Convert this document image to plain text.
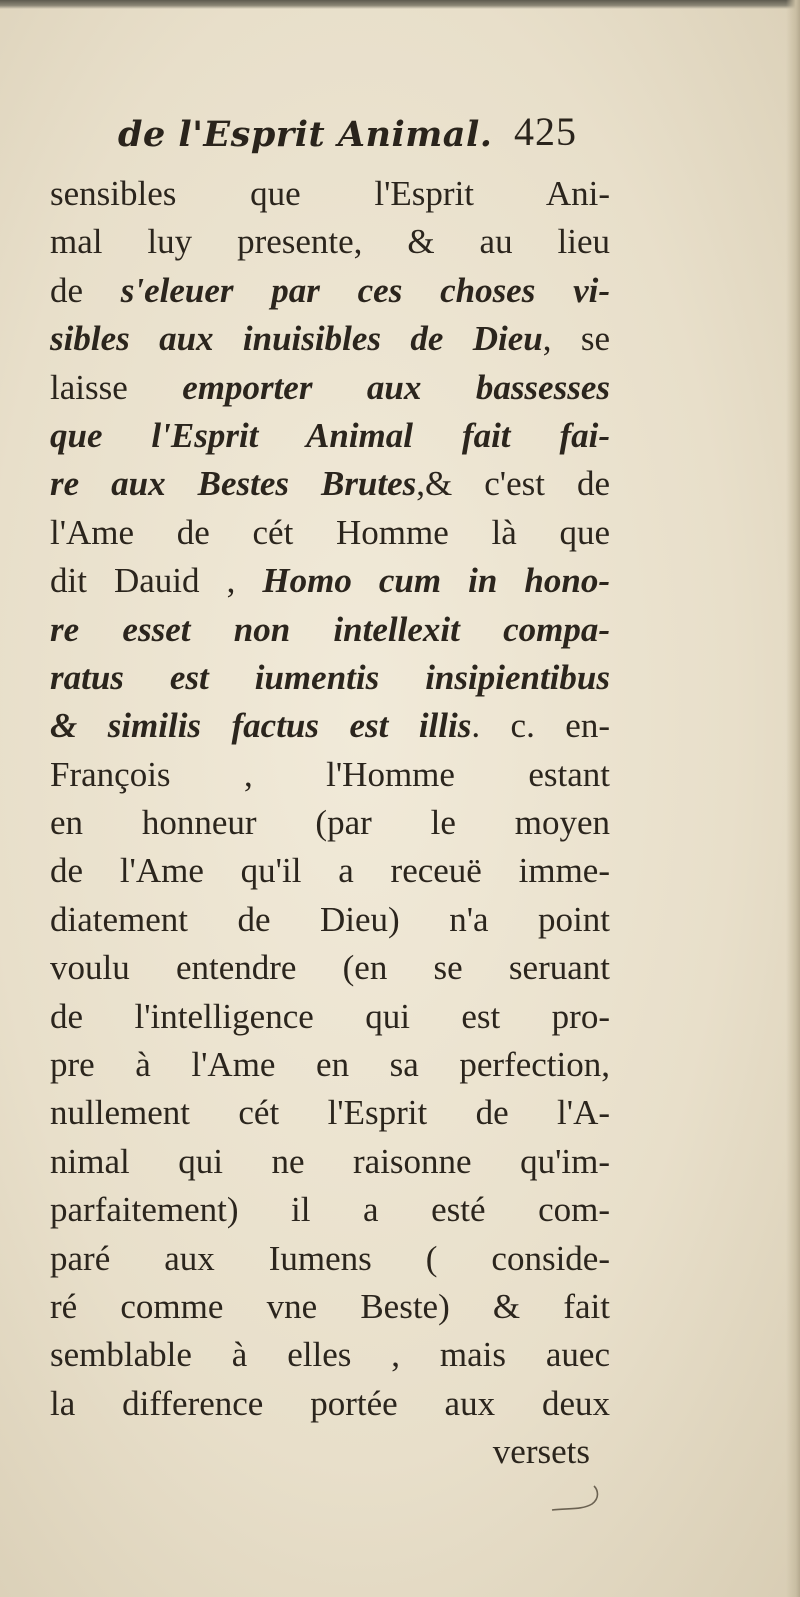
de l'Esprit Animal. 425
sensibles que l'Esprit Ani-
mal luy presente, & au lieu
de s'eleuer par ces choses vi-
sibles aux inuisibles de Dieu, se
laisse emporter aux bassesses
que l'Esprit Animal fait fai-
re aux Bestes Brutes,& c'est de
l'Ame de cét Homme là que
dit Dauid , Homo cum in hono-
re esset non intellexit compa-
ratus est iumentis insipientibus
& similis factus est illis. c. en-
François , l'Homme estant
en honneur (par le moyen
de l'Ame qu'il a receuë imme-
diatement de Dieu) n'a point
voulu entendre (en se seruant
de l'intelligence qui est pro-
pre à l'Ame en sa perfection,
nullement cét l'Esprit de l'A-
nimal qui ne raisonne qu'im-
parfaitement) il a esté com-
paré aux Iumens ( conside-
ré comme vne Beste) & fait
semblable à elles , mais auec
la difference portée aux deux
versets
